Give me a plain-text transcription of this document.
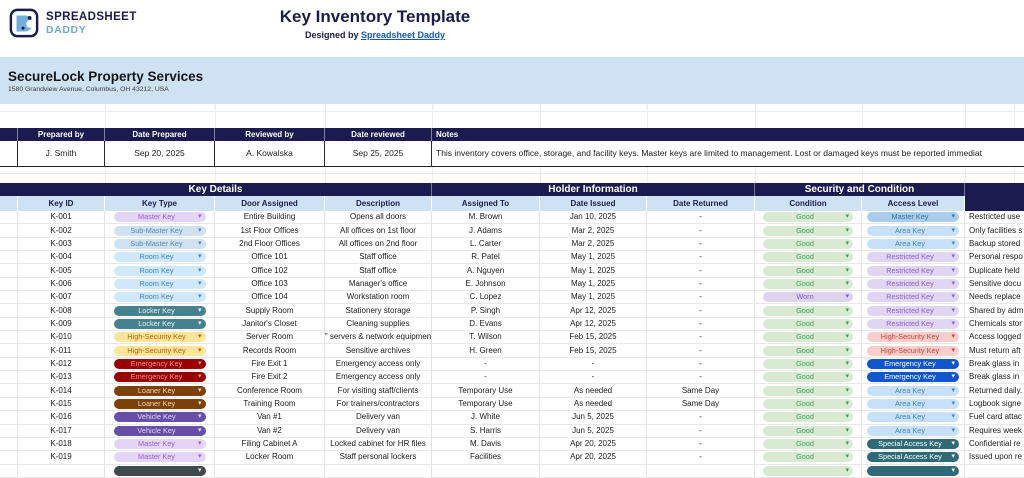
SPREADSHEET
DADDY
Key Inventory Template
Designed by Spreadsheet Daddy
SecureLock Property Services
1580 Grandview Avenue, Columbus, OH 43212, USA
Prepared by	Date Prepared	Reviewed by	Date reviewed	Notes
J. Smith	Sep 20, 2025	A. Kowalska	Sep 25, 2025	This inventory covers office, storage, and facility keys. Master keys are limited to management. Lost or damaged keys must be reported immediat
Key Details	Holder Information	Security and Condition
Key ID	Key Type	Door Assigned	Description	Assigned To	Date Issued	Date Returned	Condition	Access Level
K-001	Master Key	▾	Entire Building	Opens all doors	M. Brown	Jan 10, 2025	-	Good	▾	Master Key	▾	Restricted use
K-002	Sub-Master Key ▾	1st Floor Offices	All offices on 1st floor	J. Adams	Mar 2, 2025	-	Good	▾	Area Key	▾	Only facilities s
K-003	Sub-Master Key ▾	2nd Floor Offices	All offices on 2nd floor	L. Carter	Mar 2, 2025	-	Good	▾	Area Key	▾	Backup stored
K-004	Room Key	▾	Office 101	Staff office	R. Patel	May 1, 2025	-	Good	▾	Restricted Key	▾	Personal respo
K-005	Room Key	▾	Office 102	Staff office	A. Nguyen	May 1, 2025	-	Good	▾	Restricted Key	▾	Duplicate held
K-006	Room Key	▾	Office 103	Manager's office	E. Johnson	May 1, 2025	-	Good	▾	Restricted Key	▾	Sensitive docu
K-007	Room Key	▾	Office 104	Workstation room	C. Lopez	May 1, 2025	-	Worn	▾	Restricted Key	▾	Needs replace
K-008	Locker Key	▾	Supply Room	Stationery storage	P. Singh	Apr 12, 2025	-	Good	▾	Restricted Key	▾	Shared by adm
K-009	Locker Key	▾	Janitor's Closet	Cleaning supplies	D. Evans	Apr 12, 2025	-	Good	▾	Restricted Key	▾	Chemicals stor
K-010	High-Security Key ▾	Server Room	" servers & network equipmen	T. Wilson	Feb 15, 2025	-	Good	▾	High-Security Key ▾	Access logged
K-011	High-Security Key ▾	Records Room	Sensitive archives	H. Green	Feb 15, 2025	-	Good	▾	High-Security Key ▾	Must return aft
K-012	Emergency Key ▾	Fire Exit 1	Emergency access only	-	-	-	Good	▾	Emergency Key ▾	Break glass in
K-013	Emergency Key ▾	Fire Exit 2	Emergency access only	-	-	-	Good	▾	Emergency Key ▾	Break glass in
K-014	Loaner Key	▾	Conference Room	For visiting staff/clients	Temporary Use	As needed	Same Day	Good	▾	Area Key	▾	Returned daily.
K-015	Loaner Key	▾	Training Room	For trainers/contractors	Temporary Use	As needed	Same Day	Good	▾	Area Key	▾	Logbook signe
K-016	Vehicle Key	▾	Van #1	Delivery van	J. White	Jun 5, 2025	-	Good	▾	Area Key	▾	Fuel card attac
K-017	Vehicle Key	▾	Van #2	Delivery van	S. Harris	Jun 5, 2025	-	Good	▾	Area Key	▾	Requires week
K-018	Master Key	▾	Filing Cabinet A	Locked cabinet for HR files	M. Davis	Apr 20, 2025	-	Good	▾	Special Access Key ▾	Confidential re
K-019	Master Key	▾	Locker Room	Staff personal lockers	Facilities	Apr 20, 2025	-	Good	▾	Special Access Key ▾	Issued upon re
▾	▾	▾
